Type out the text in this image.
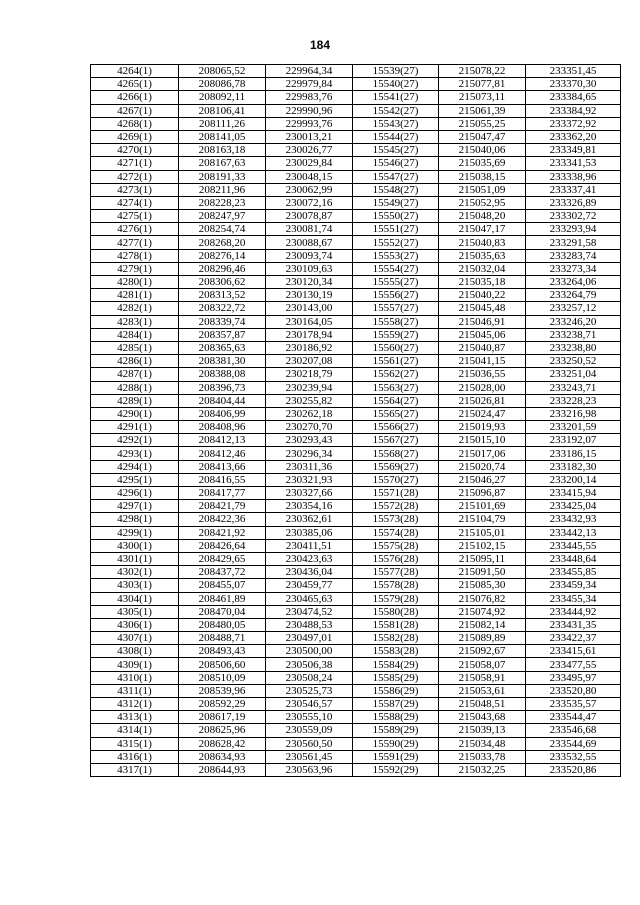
184
4264(1)	208065,52	229964,34	15539(27)	215078,22	233351,45
4265(1)	208086,78	229979,84	15540(27)	215077,81	233370,30
4266(1)	208092,11	229983,76	15541(27)	215073,11	233384,65
4267(1)	208106,41	229990,96	15542(27)	215061,39	233384,92
4268(1)	208111,26	229993,76	15543(27)	215055,25	233372,92
4269(1)	208141,05	230013,21	15544(27)	215047,47	233362,20
4270(1)	208163,18	230026,77	15545(27)	215040,06	233349,81
4271(1)	208167,63	230029,84	15546(27)	215035,69	233341,53
4272(1)	208191,33	230048,15	15547(27)	215038,15	233338,96
4273(1)	208211,96	230062,99	15548(27)	215051,09	233337,41
4274(1)	208228,23	230072,16	15549(27)	215052,95	233326,89
4275(1)	208247,97	230078,87	15550(27)	215048,20	233302,72
4276(1)	208254,74	230081,74	15551(27)	215047,17	233293,94
4277(1)	208268,20	230088,67	15552(27)	215040,83	233291,58
4278(1)	208276,14	230093,74	15553(27)	215035,63	233283,74
4279(1)	208296,46	230109,63	15554(27)	215032,04	233273,34
4280(1)	208306,62	230120,34	15555(27)	215035,18	233264,06
4281(1)	208313,52	230130,19	15556(27)	215040,22	233264,79
4282(1)	208322,72	230143,00	15557(27)	215045,48	233257,12
4283(1)	208339,74	230164,05	15558(27)	215046,91	233246,20
4284(1)	208357,87	230178,94	15559(27)	215045,06	233238,71
4285(1)	208365,63	230186,92	15560(27)	215040,87	233238,80
4286(1)	208381,30	230207,08	15561(27)	215041,15	233250,52
4287(1)	208388,08	230218,79	15562(27)	215036,55	233251,04
4288(1)	208396,73	230239,94	15563(27)	215028,00	233243,71
4289(1)	208404,44	230255,82	15564(27)	215026,81	233228,23
4290(1)	208406,99	230262,18	15565(27)	215024,47	233216,98
4291(1)	208408,96	230270,70	15566(27)	215019,93	233201,59
4292(1)	208412,13	230293,43	15567(27)	215015,10	233192,07
4293(1)	208412,46	230296,34	15568(27)	215017,06	233186,15
4294(1)	208413,66	230311,36	15569(27)	215020,74	233182,30
4295(1)	208416,55	230321,93	15570(27)	215046,27	233200,14
4296(1)	208417,77	230327,66	15571(28)	215096,87	233415,94
4297(1)	208421,79	230354,16	15572(28)	215101,69	233425,04
4298(1)	208422,36	230362,61	15573(28)	215104,79	233432,93
4299(1)	208421,92	230385,06	15574(28)	215105,01	233442,13
4300(1)	208426,64	230411,51	15575(28)	215102,15	233445,55
4301(1)	208429,65	230423,63	15576(28)	215095,11	233448,64
4302(1)	208437,72	230436,04	15577(28)	215091,50	233455,85
4303(1)	208455,07	230459,77	15578(28)	215085,30	233459,34
4304(1)	208461,89	230465,63	15579(28)	215076,82	233455,34
4305(1)	208470,04	230474,52	15580(28)	215074,92	233444,92
4306(1)	208480,05	230488,53	15581(28)	215082,14	233431,35
4307(1)	208488,71	230497,01	15582(28)	215089,89	233422,37
4308(1)	208493,43	230500,00	15583(28)	215092,67	233415,61
4309(1)	208506,60	230506,38	15584(29)	215058,07	233477,55
4310(1)	208510,09	230508,24	15585(29)	215058,91	233495,97
4311(1)	208539,96	230525,73	15586(29)	215053,61	233520,80
4312(1)	208592,29	230546,57	15587(29)	215048,51	233535,57
4313(1)	208617,19	230555,10	15588(29)	215043,68	233544,47
4314(1)	208625,96	230559,09	15589(29)	215039,13	233546,68
4315(1)	208628,42	230560,50	15590(29)	215034,48	233544,69
4316(1)	208634,93	230561,45	15591(29)	215033,78	233532,55
4317(1)	208644,93	230563,96	15592(29)	215032,25	233520,86
